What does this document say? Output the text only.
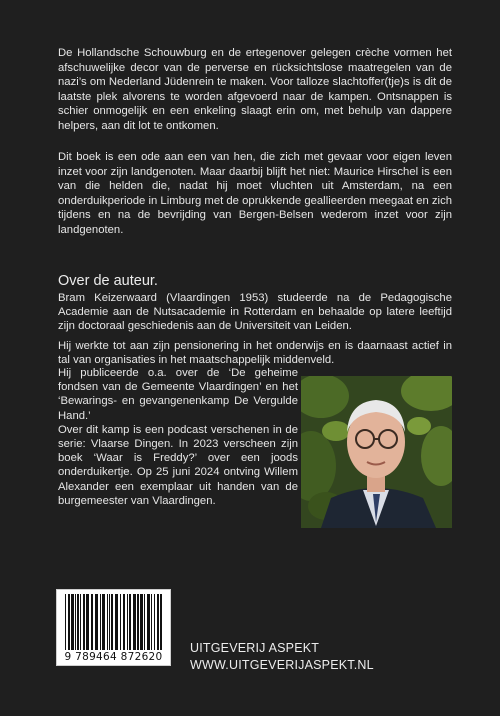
De Hollandsche Schouwburg en de ertegenover gelegen crèche vormen het afschuwelijke decor van de perverse en rücksichtslose maatregelen van de nazi’s om Nederland Jüdenrein te maken. Voor talloze slachtoffer(tje)s is dit de laatste plek alvorens te worden afgevoerd naar de kampen. Ontsnappen is schier onmogelijk en een enkeling slaagt erin om, met behulp van dappere helpers, aan dit lot te ontkomen.

Dit boek is een ode aan een van hen, die zich met gevaar voor eigen leven inzet voor zijn landgenoten. Maar daarbij blijft het niet: Maurice Hirschel is een van die helden die, nadat hij moet vluchten uit Amsterdam, na een onderduikperiode in Limburg met de oprukkende geallieerden meegaat en zich tijdens en na de bevrijding van Bergen-Belsen wederom inzet voor zijn landgenoten.

Over de auteur.

Bram Keizerwaard (Vlaardingen 1953) studeerde na de Pedagogische Academie aan de Nutsacademie in Rotterdam en behaalde op latere leeftijd zijn doctoraal geschiedenis aan de Universiteit van Leiden.

Hij werkte tot aan zijn pensionering in het onderwijs en is daarnaast actief in tal van organisaties in het maatschappelijk middenveld.

Hij publiceerde o.a. over de ‘De geheime fondsen van de Gemeente Vlaardingen’ en het ‘Bewarings- en gevangenenkamp De Vergulde Hand.’

Over dit kamp is een podcast verschenen in de serie: Vlaarse Dingen. In 2023 verscheen zijn boek ‘Waar is Freddy?’ over een joods onderduikertje. Op 25 juni 2024 ontving Willem Alexander een exemplaar uit handen van de burgemeester van Vlaardingen.

9 789464 872620
UITGEVERIJ ASPEKT
WWW.UITGEVERIJASPEKT.NL
